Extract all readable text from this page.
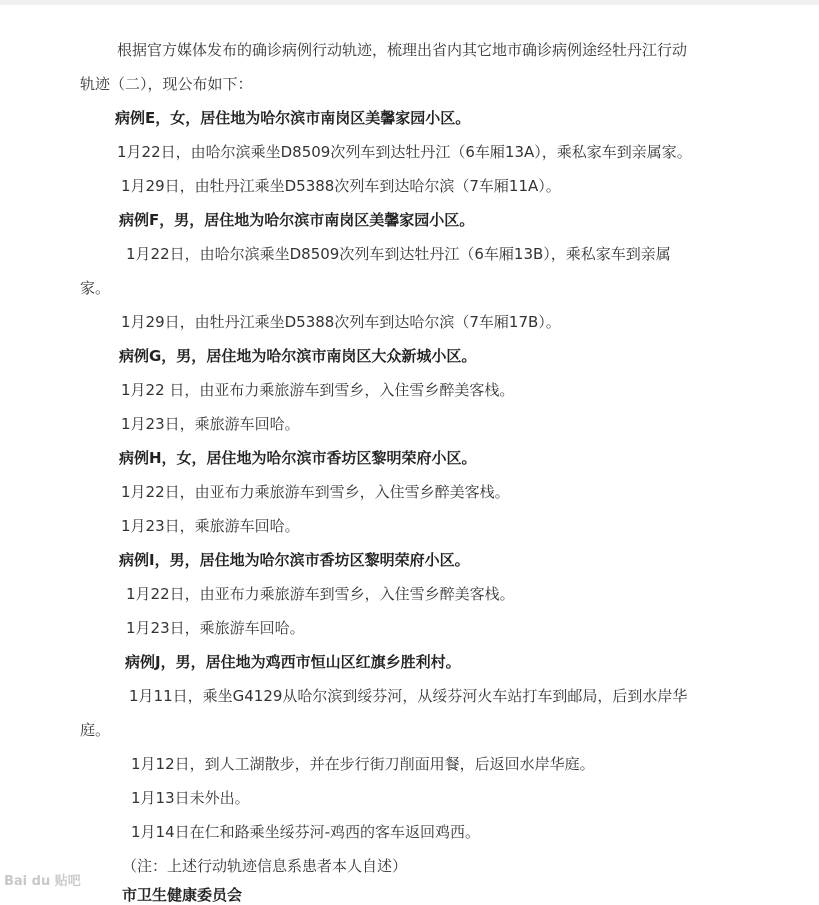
根据官方媒体发布的确诊病例行动轨迹，梳理出省内其它地市确诊病例途经牡丹江行动
轨迹（二），现公布如下：
病例E，女，居住地为哈尔滨市南岗区美馨家园小区。
1月22日，由哈尔滨乘坐D8509次列车到达牡丹江（6车厢13A），乘私家车到亲属家。
1月29日，由牡丹江乘坐D5388次列车到达哈尔滨（7车厢11A）。
病例F，男，居住地为哈尔滨市南岗区美馨家园小区。
1月22日，由哈尔滨乘坐D8509次列车到达牡丹江（6车厢13B），乘私家车到亲属
家。
1月29日，由牡丹江乘坐D5388次列车到达哈尔滨（7车厢17B）。
病例G，男，居住地为哈尔滨市南岗区大众新城小区。
1月22 日，由亚布力乘旅游车到雪乡，入住雪乡醉美客栈。
1月23日，乘旅游车回哈。
病例H，女，居住地为哈尔滨市香坊区黎明荣府小区。
1月22日，由亚布力乘旅游车到雪乡，入住雪乡醉美客栈。
1月23日，乘旅游车回哈。
病例I，男，居住地为哈尔滨市香坊区黎明荣府小区。
1月22日，由亚布力乘旅游车到雪乡，入住雪乡醉美客栈。
1月23日，乘旅游车回哈。
病例J，男，居住地为鸡西市恒山区红旗乡胜利村。
1月11日，乘坐G4129从哈尔滨到绥芬河，从绥芬河火车站打车到邮局，后到水岸华
庭。
1月12日，到人工湖散步，并在步行街刀削面用餐，后返回水岸华庭。
1月13日未外出。
1月14日在仁和路乘坐绥芬河-鸡西的客车返回鸡西。
（注：上述行动轨迹信息系患者本人自述）
市卫生健康委员会
Bai du 贴吧
